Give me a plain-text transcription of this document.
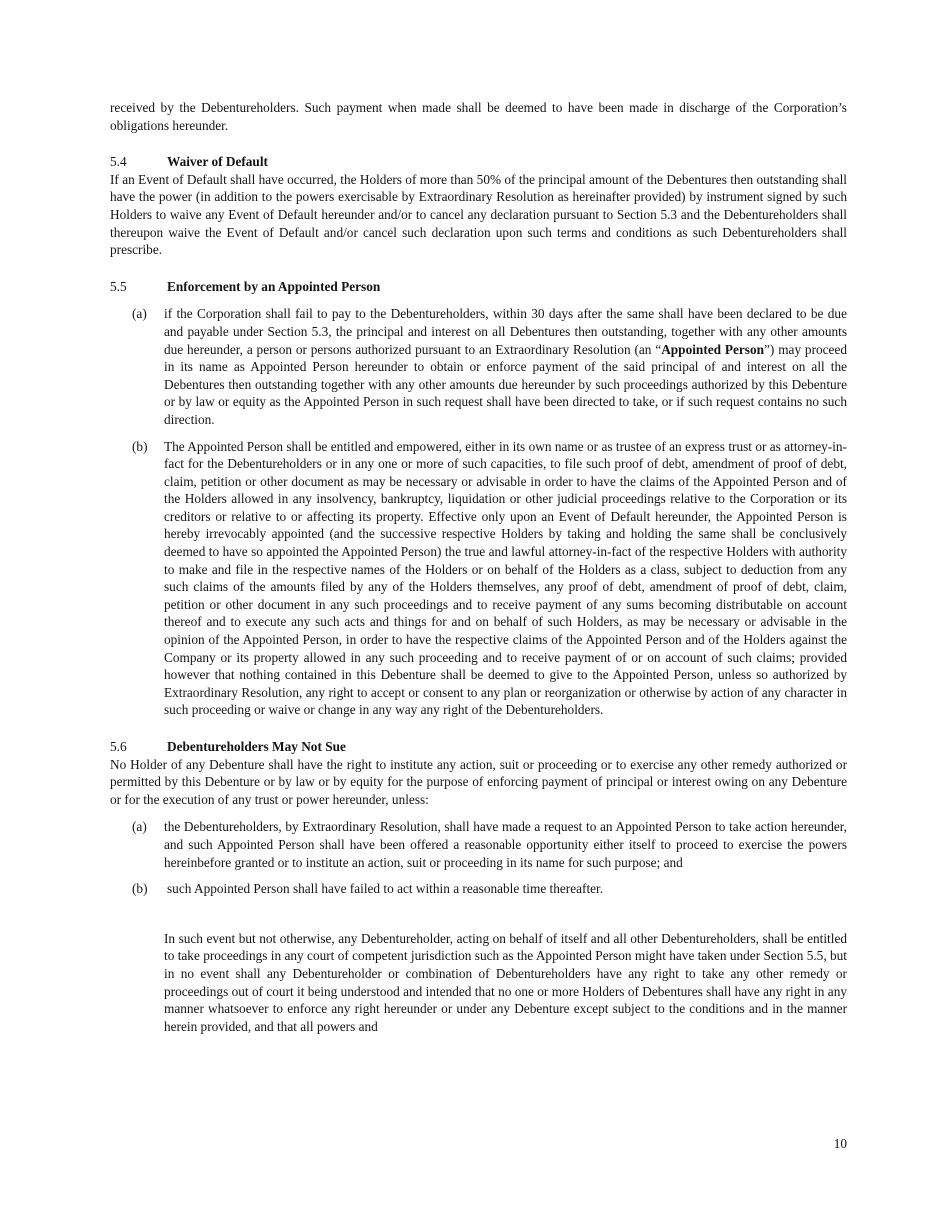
received by the Debentureholders. Such payment when made shall be deemed to have been made in discharge of the Corporation’s obligations hereunder.

5.4	Waiver of Default

If an Event of Default shall have occurred, the Holders of more than 50% of the principal amount of the Debentures then outstanding shall have the power (in addition to the powers exercisable by Extraordinary Resolution as hereinafter provided) by instrument signed by such Holders to waive any Event of Default hereunder and/or to cancel any declaration pursuant to Section 5.3 and the Debentureholders shall thereupon waive the Event of Default and/or cancel such declaration upon such terms and conditions as such Debentureholders shall prescribe.

5.5	Enforcement by an Appointed Person
(a)	if the Corporation shall fail to pay to the Debentureholders, within 30 days after the same shall have been declared to be due and payable under Section 5.3, the principal and interest on all Debentures then outstanding, together with any other amounts due hereunder, a person or persons authorized pursuant to an Extraordinary Resolution (an “Appointed Person”) may proceed in its name as Appointed Person hereunder to obtain or enforce payment of the said principal of and interest on all the Debentures then outstanding together with any other amounts due hereunder by such proceedings authorized by this Debenture or by law or equity as the Appointed Person in such request shall have been directed to take, or if such request contains no such direction.
(b)	The Appointed Person shall be entitled and empowered, either in its own name or as trustee of an express trust or as attorney-in-fact for the Debentureholders or in any one or more of such capacities, to file such proof of debt, amendment of proof of debt, claim, petition or other document as may be necessary or advisable in order to have the claims of the Appointed Person and of the Holders allowed in any insolvency, bankruptcy, liquidation or other judicial proceedings relative to the Corporation or its creditors or relative to or affecting its property. Effective only upon an Event of Default hereunder, the Appointed Person is hereby irrevocably appointed (and the successive respective Holders by taking and holding the same shall be conclusively deemed to have so appointed the Appointed Person) the true and lawful attorney-in-fact of the respective Holders with authority to make and file in the respective names of the Holders or on behalf of the Holders as a class, subject to deduction from any such claims of the amounts filed by any of the Holders themselves, any proof of debt, amendment of proof of debt, claim, petition or other document in any such proceedings and to receive payment of any sums becoming distributable on account thereof and to execute any such acts and things for and on behalf of such Holders, as may be necessary or advisable in the opinion of the Appointed Person, in order to have the respective claims of the Appointed Person and of the Holders against the Company or its property allowed in any such proceeding and to receive payment of or on account of such claims; provided however that nothing contained in this Debenture shall be deemed to give to the Appointed Person, unless so authorized by Extraordinary Resolution, any right to accept or consent to any plan or reorganization or otherwise by action of any character in such proceeding or waive or change in any way any right of the Debentureholders.
5.6	Debentureholders May Not Sue

No Holder of any Debenture shall have the right to institute any action, suit or proceeding or to exercise any other remedy authorized or permitted by this Debenture or by law or by equity for the purpose of enforcing payment of principal or interest owing on any Debenture or for the execution of any trust or power hereunder, unless:

(a)	the Debentureholders, by Extraordinary Resolution, shall have made a request to an Appointed Person to take action hereunder, and such Appointed Person shall have been offered a reasonable opportunity either itself to proceed to exercise the powers hereinbefore granted or to institute an action, suit or proceeding in its name for such purpose; and
(b)	such Appointed Person shall have failed to act within a reasonable time thereafter.

In such event but not otherwise, any Debentureholder, acting on behalf of itself and all other Debentureholders, shall be entitled to take proceedings in any court of competent jurisdiction such as the Appointed Person might have taken under Section 5.5, but in no event shall any Debentureholder or combination of Debentureholders have any right to take any other remedy or proceedings out of court it being understood and intended that no one or more Holders of Debentures shall have any right in any manner whatsoever to enforce any right hereunder or under any Debenture except subject to the conditions and in the manner herein provided, and that all powers and

10
